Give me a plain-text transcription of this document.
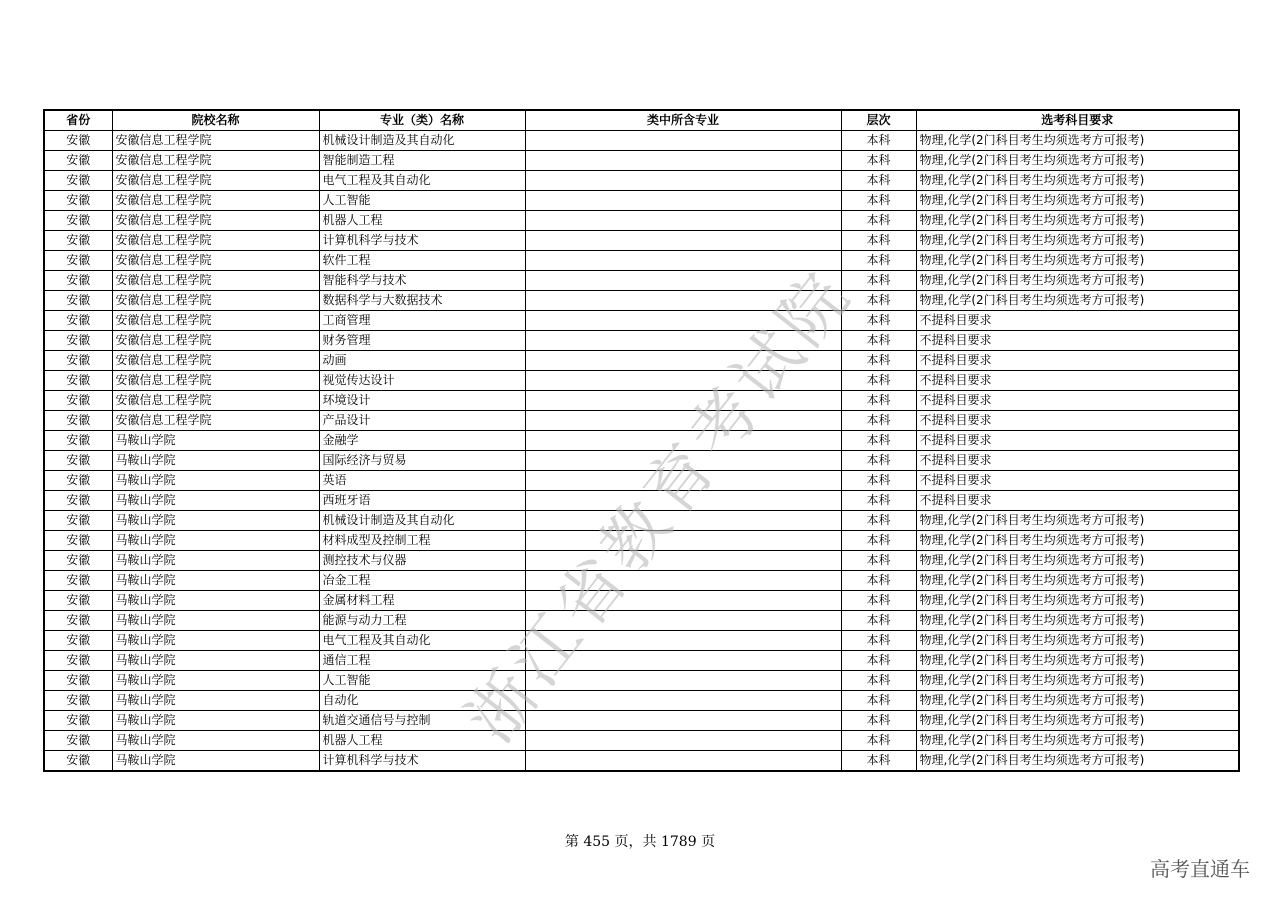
省份	院校名称	专业（类）名称	类中所含专业	层次	选考科目要求
安徽	安徽信息工程学院	机械设计制造及其自动化		本科	物理,化学(2门科目考生均须选考方可报考)
安徽	安徽信息工程学院	智能制造工程		本科	物理,化学(2门科目考生均须选考方可报考)
安徽	安徽信息工程学院	电气工程及其自动化		本科	物理,化学(2门科目考生均须选考方可报考)
安徽	安徽信息工程学院	人工智能		本科	物理,化学(2门科目考生均须选考方可报考)
安徽	安徽信息工程学院	机器人工程		本科	物理,化学(2门科目考生均须选考方可报考)
安徽	安徽信息工程学院	计算机科学与技术		本科	物理,化学(2门科目考生均须选考方可报考)
安徽	安徽信息工程学院	软件工程		本科	物理,化学(2门科目考生均须选考方可报考)
安徽	安徽信息工程学院	智能科学与技术		本科	物理,化学(2门科目考生均须选考方可报考)
安徽	安徽信息工程学院	数据科学与大数据技术		本科	物理,化学(2门科目考生均须选考方可报考)
安徽	安徽信息工程学院	工商管理		本科	不提科目要求
安徽	安徽信息工程学院	财务管理		本科	不提科目要求
安徽	安徽信息工程学院	动画		本科	不提科目要求
安徽	安徽信息工程学院	视觉传达设计		本科	不提科目要求
安徽	安徽信息工程学院	环境设计		本科	不提科目要求
安徽	安徽信息工程学院	产品设计		本科	不提科目要求
安徽	马鞍山学院	金融学		本科	不提科目要求
安徽	马鞍山学院	国际经济与贸易		本科	不提科目要求
安徽	马鞍山学院	英语		本科	不提科目要求
安徽	马鞍山学院	西班牙语		本科	不提科目要求
安徽	马鞍山学院	机械设计制造及其自动化		本科	物理,化学(2门科目考生均须选考方可报考)
安徽	马鞍山学院	材料成型及控制工程		本科	物理,化学(2门科目考生均须选考方可报考)
安徽	马鞍山学院	测控技术与仪器		本科	物理,化学(2门科目考生均须选考方可报考)
安徽	马鞍山学院	冶金工程		本科	物理,化学(2门科目考生均须选考方可报考)
安徽	马鞍山学院	金属材料工程		本科	物理,化学(2门科目考生均须选考方可报考)
安徽	马鞍山学院	能源与动力工程		本科	物理,化学(2门科目考生均须选考方可报考)
安徽	马鞍山学院	电气工程及其自动化		本科	物理,化学(2门科目考生均须选考方可报考)
安徽	马鞍山学院	通信工程		本科	物理,化学(2门科目考生均须选考方可报考)
安徽	马鞍山学院	人工智能		本科	物理,化学(2门科目考生均须选考方可报考)
安徽	马鞍山学院	自动化		本科	物理,化学(2门科目考生均须选考方可报考)
安徽	马鞍山学院	轨道交通信号与控制		本科	物理,化学(2门科目考生均须选考方可报考)
安徽	马鞍山学院	机器人工程		本科	物理,化学(2门科目考生均须选考方可报考)
安徽	马鞍山学院	计算机科学与技术		本科	物理,化学(2门科目考生均须选考方可报考)
浙江省教育考试院
第 455 页，共 1789 页
高考直通车
